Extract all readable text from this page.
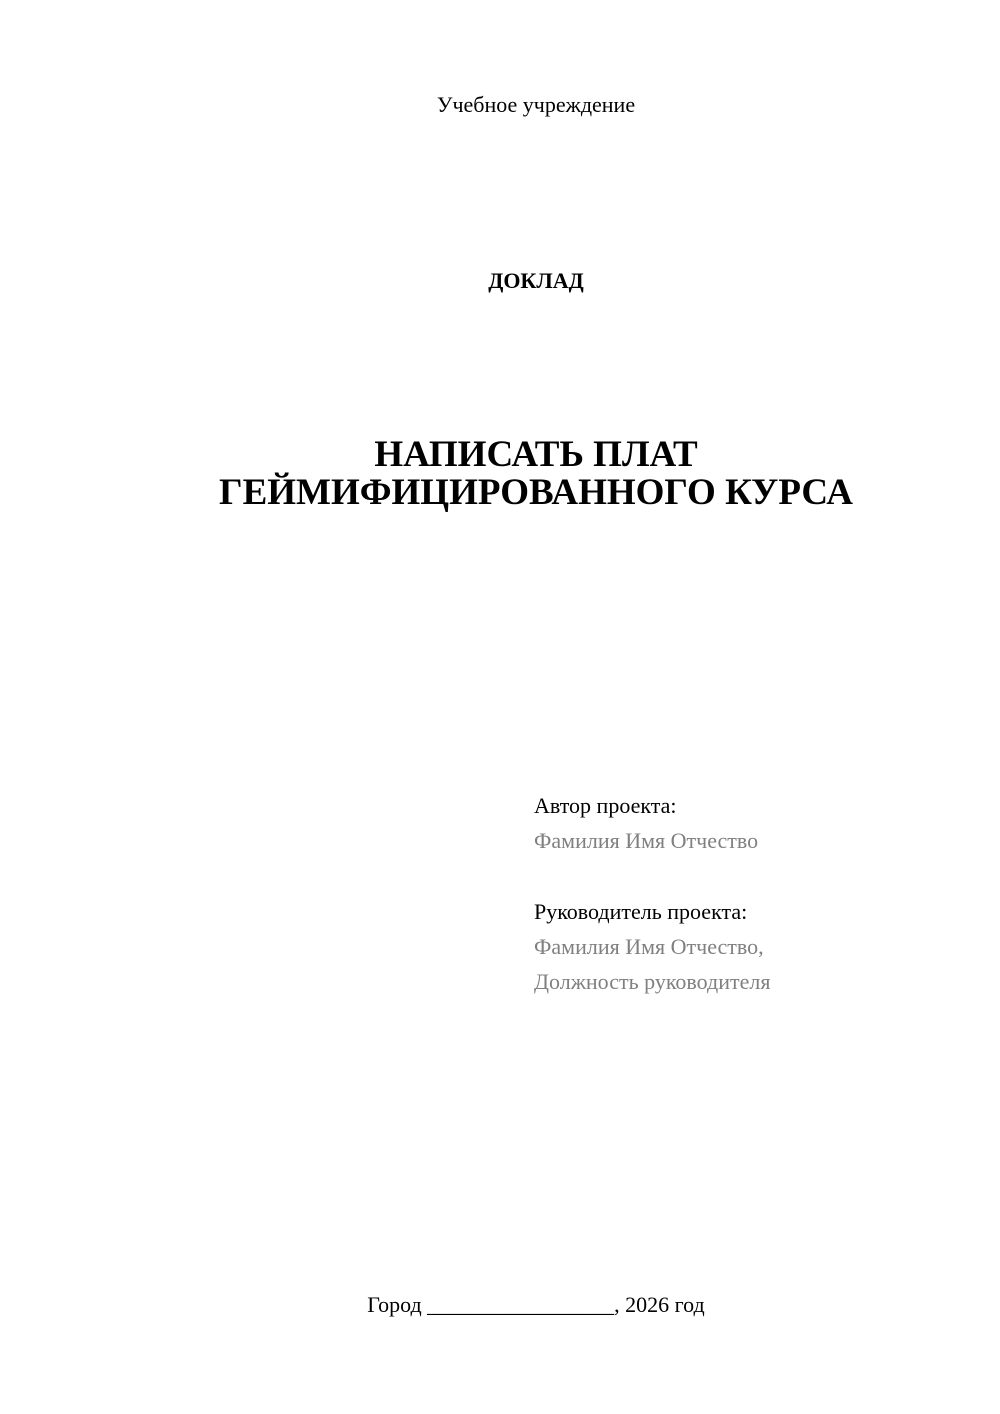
Учебное учреждение
ДОКЛАД
НАПИСАТЬ ПЛАТ
ГЕЙМИФИЦИРОВАННОГО КУРСА
Автор проекта:
Фамилия Имя Отчество
Руководитель проекта:
Фамилия Имя Отчество,
Должность руководителя
Город _________________, 2026 год
